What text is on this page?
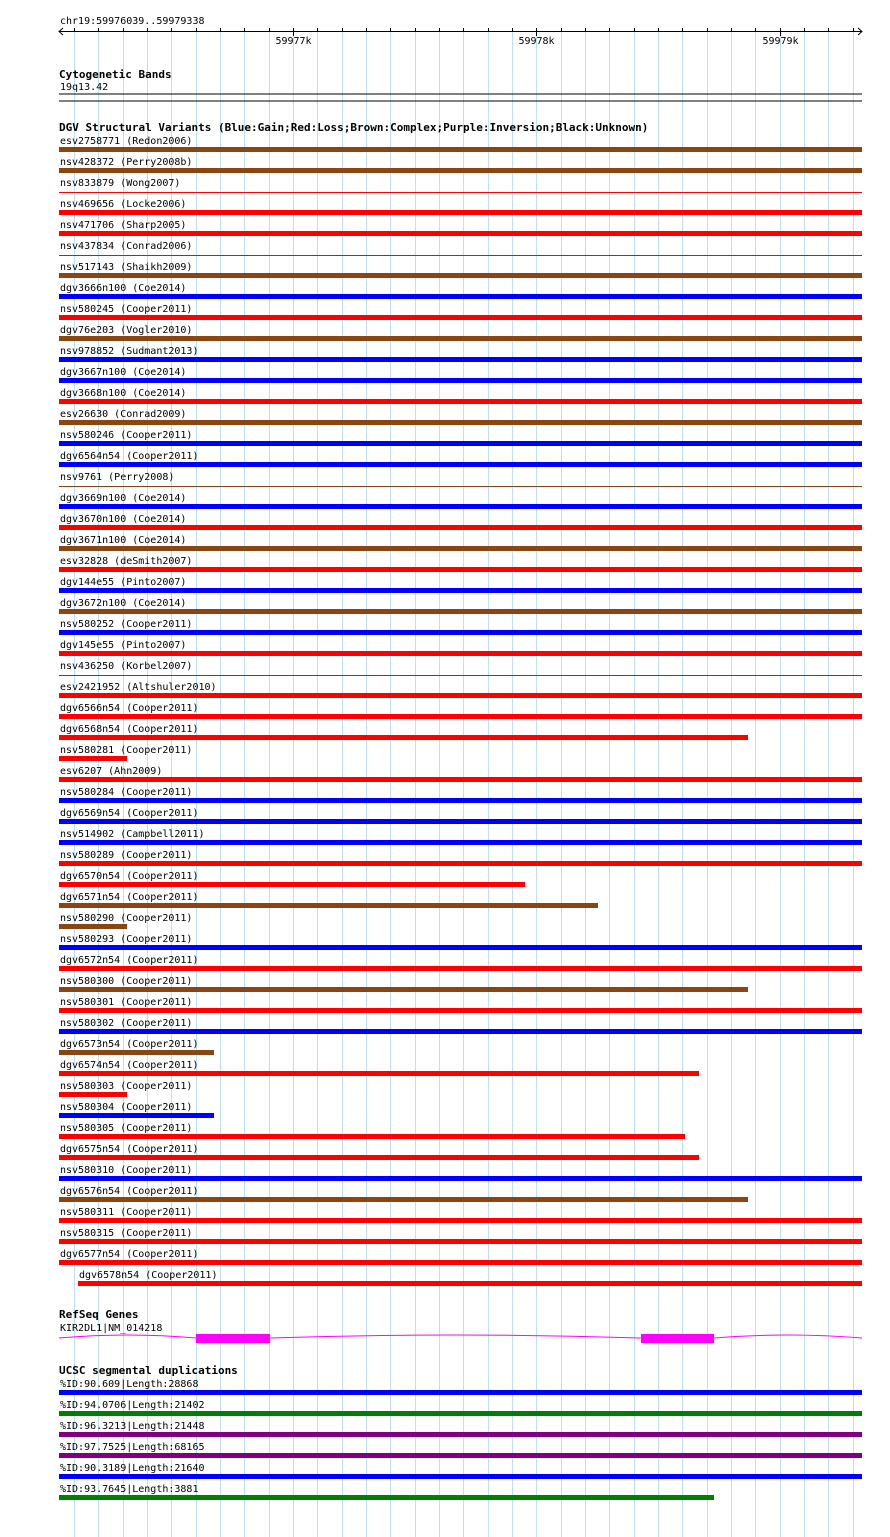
chr19:59976039..59979338
59977k	59978k	59979k
Cytogenetic Bands
19q13.42
DGV Structural Variants (Blue:Gain;Red:Loss;Brown:Complex;Purple:Inversion;Black:Unknown)
esv2758771 (Redon2006)
nsv428372 (Perry2008b)
nsv833879 (Wong2007)
nsv469656 (Locke2006)
nsv471706 (Sharp2005)
nsv437834 (Conrad2006)
nsv517143 (Shaikh2009)
dgv3666n100 (Coe2014)
nsv580245 (Cooper2011)
dgv76e203 (Vogler2010)
nsv978852 (Sudmant2013)
dgv3667n100 (Coe2014)
dgv3668n100 (Coe2014)
esv26630 (Conrad2009)
nsv580246 (Cooper2011)
dgv6564n54 (Cooper2011)
nsv9761 (Perry2008)
dgv3669n100 (Coe2014)
dgv3670n100 (Coe2014)
dgv3671n100 (Coe2014)
esv32828 (deSmith2007)
dgv144e55 (Pinto2007)
dgv3672n100 (Coe2014)
nsv580252 (Cooper2011)
dgv145e55 (Pinto2007)
nsv436250 (Korbel2007)
esv2421952 (Altshuler2010)
dgv6566n54 (Cooper2011)
dgv6568n54 (Cooper2011)
nsv580281 (Cooper2011)
esv6207 (Ahn2009)
nsv580284 (Cooper2011)
dgv6569n54 (Cooper2011)
nsv514902 (Campbell2011)
nsv580289 (Cooper2011)
dgv6570n54 (Cooper2011)
dgv6571n54 (Cooper2011)
nsv580290 (Cooper2011)
nsv580293 (Cooper2011)
dgv6572n54 (Cooper2011)
nsv580300 (Cooper2011)
nsv580301 (Cooper2011)
nsv580302 (Cooper2011)
dgv6573n54 (Cooper2011)
dgv6574n54 (Cooper2011)
nsv580303 (Cooper2011)
nsv580304 (Cooper2011)
nsv580305 (Cooper2011)
dgv6575n54 (Cooper2011)
nsv580310 (Cooper2011)
dgv6576n54 (Cooper2011)
nsv580311 (Cooper2011)
nsv580315 (Cooper2011)
dgv6577n54 (Cooper2011)
dgv6578n54 (Cooper2011)
RefSeq Genes
KIR2DL1|NM_014218
UCSC segmental duplications
%ID:90.609|Length:28868
%ID:94.0706|Length:21402
%ID:96.3213|Length:21448
%ID:97.7525|Length:68165
%ID:90.3189|Length:21640
%ID:93.7645|Length:3881
